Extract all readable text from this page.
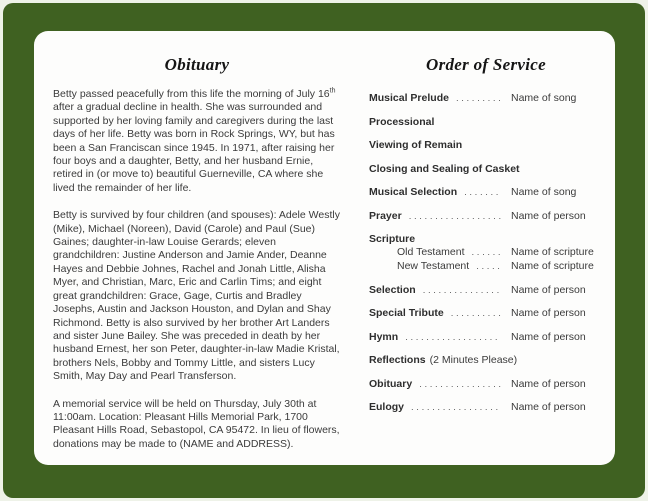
Obituary

Betty passed peacefully from this life the morning of July 16th after a gradual decline in health. She was surrounded and supported by her loving family and caregivers during the last days of her life. Betty was born in Rock Springs, WY, but has been a San Franciscan since 1945. In 1971, after raising her four boys and a daughter, Betty, and her husband Ernie, retired in (or move to) beautiful Guerneville, CA where she lived the remainder of her life.

Betty is survived by four children (and spouses): Adele Westly (Mike), Michael (Noreen), David (Carole) and Paul (Sue) Gaines; daughter-in-law Louise Gerards; eleven grandchildren: Justine Anderson and Jamie Ander, Deanne Hayes and Debbie Johnes, Rachel and Jonah Little, Alisha Myer, and Christian, Marc, Eric and Carlin Tims; and eight great grandchildren: Grace, Gage, Curtis and Bradley Josephs, Austin and Jackson Houston, and Dylan and Shay Richmond. Betty is also survived by her brother Art Landers and sister June Bailey. She was preceded in death by her husband Ernest, her son Peter, daughter-in-law Madie Kristal, brothers Nels, Bobby and Tommy Little, and sisters Lucy Smith, May Day and Pearl Transferson.

A memorial service will be held on Thursday, July 30th at 11:00am. Location: Pleasant Hills Memorial Park, 1700 Pleasant Hills Road, Sebastopol, CA 95472. In lieu of flowers, donations may be made to (NAME and ADDRESS).

Order of Service
Musical Prelude . . .	Name of song
Processional
Viewing of Remain
Closing and Sealing of Casket
Musical Selection . . .	Name of song
Prayer . . .	Name of person
Scripture
Old Testament . . .	Name of scripture
New Testament . . .	Name of scripture
Selection . . .	Name of person
Special Tribute . . .	Name of person
Hymn . . .	Name of person
Reflections (2 Minutes Please)
Obituary . . .	Name of person
Eulogy . . .	Name of person
